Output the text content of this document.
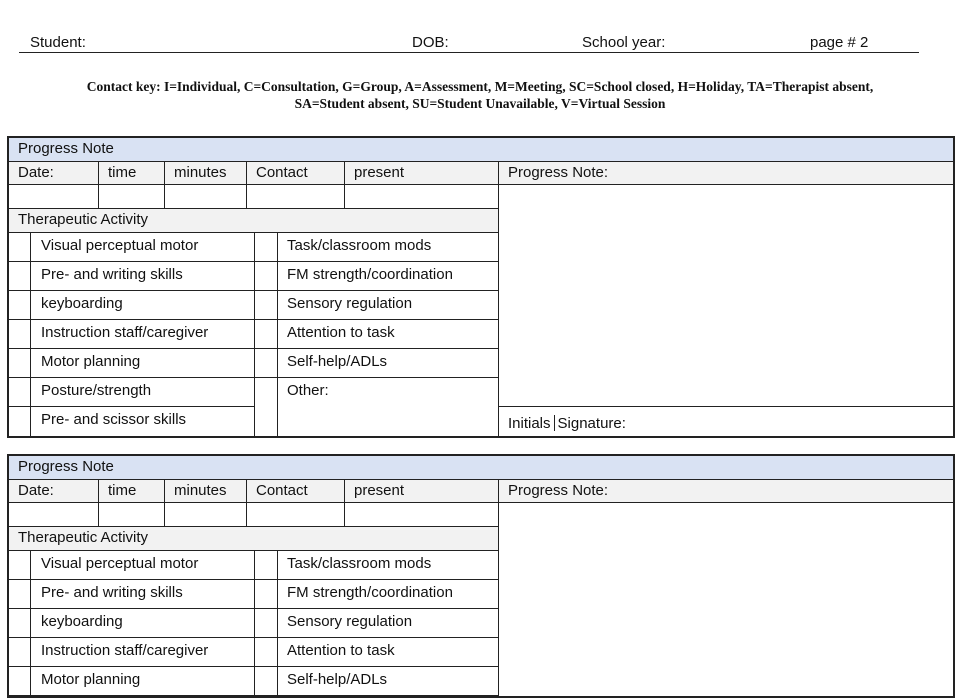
Student:	DOB:	School year:	page # 2
Contact key: I=Individual, C=Consultation, G=Group, A=Assessment, M=Meeting, SC=School closed, H=Holiday, TA=Therapist absent,
SA=Student absent, SU=Student Unavailable, V=Virtual Session
Progress Note
Date:	time	minutes	Contact	present	Progress Note:
Therapeutic Activity
Initials Signature:
Visual perceptual motor	Task/classroom mods
Pre- and writing skills	FM strength/coordination
keyboarding	Sensory regulation
Instruction staff/caregiver	Attention to task
Motor planning	Self-help/ADLs
Posture/strength	Other:
Pre- and scissor skills
Progress Note
Date:	time	minutes	Contact	present	Progress Note:
Therapeutic Activity
Visual perceptual motor	Task/classroom mods
Pre- and writing skills	FM strength/coordination
keyboarding	Sensory regulation
Instruction staff/caregiver	Attention to task
Motor planning	Self-help/ADLs
